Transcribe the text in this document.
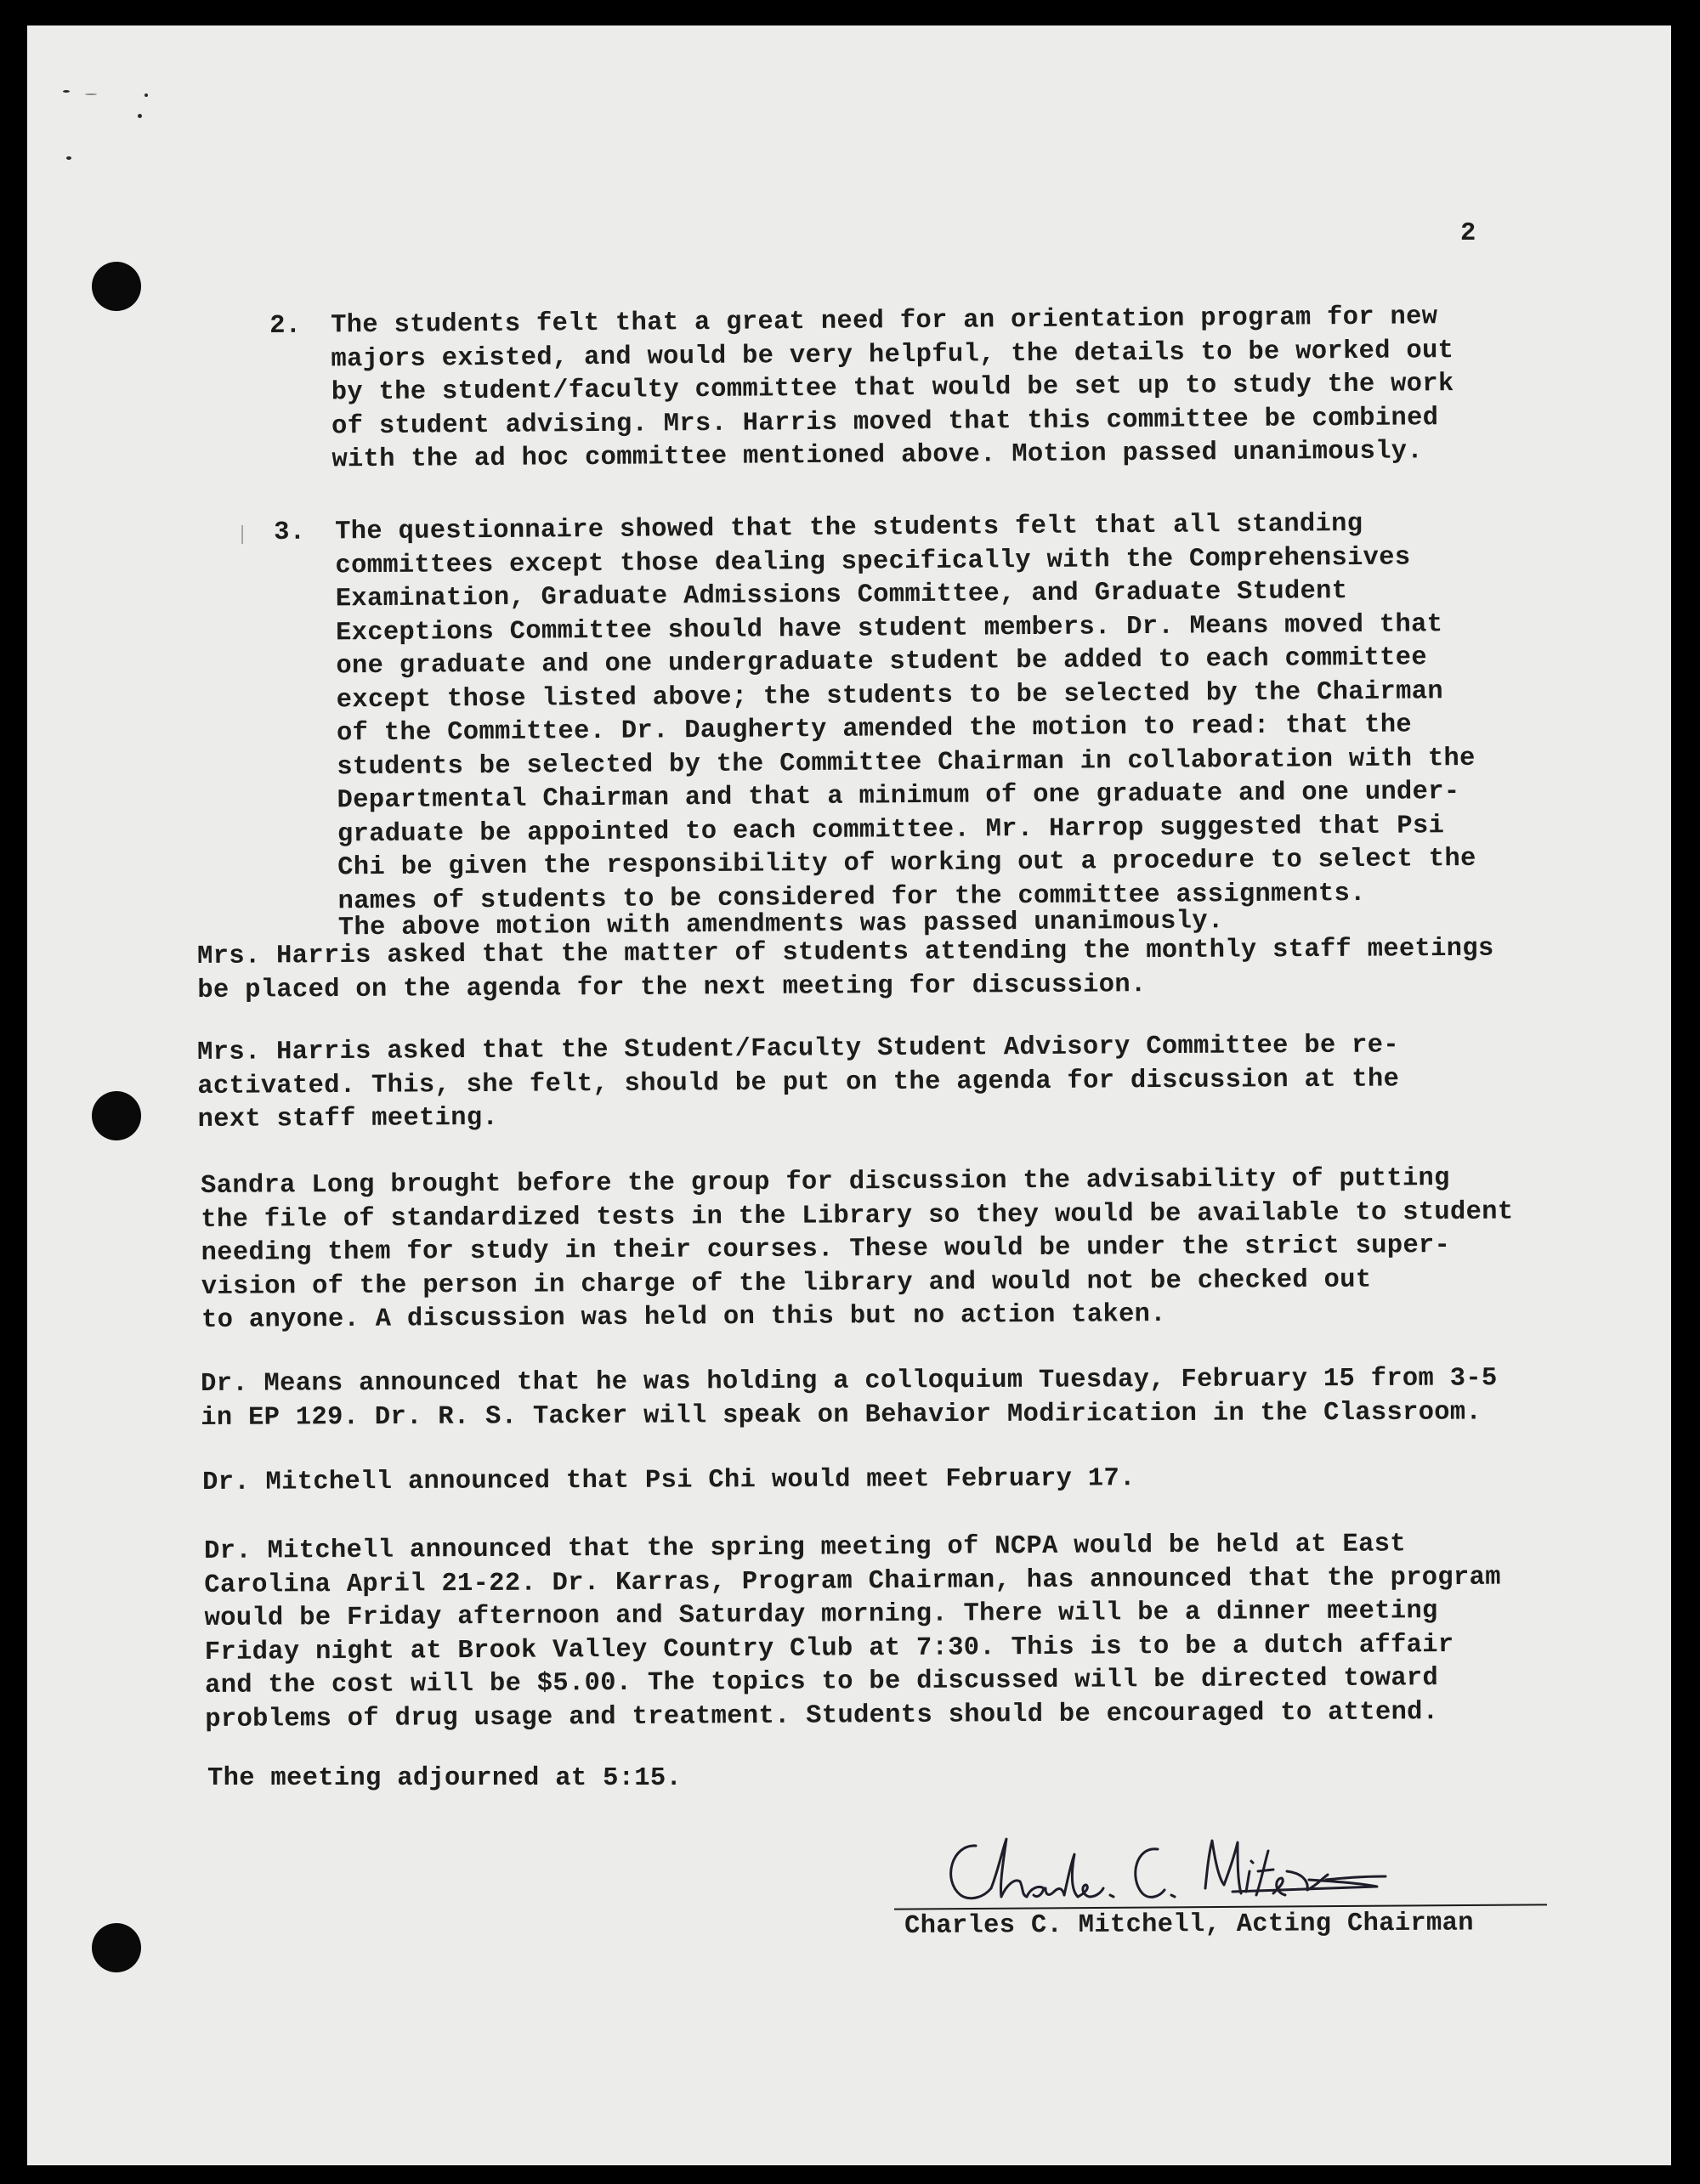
2
2. The students felt that a great need for an orientation program for new
majors existed, and would be very helpful, the details to be worked out
by the student/faculty committee that would be set up to study the work
of student advising. Mrs. Harris moved that this committee be combined
with the ad hoc committee mentioned above. Motion passed unanimously.
3. The questionnaire showed that the students felt that all standing
committees except those dealing specifically with the Comprehensives
Examination, Graduate Admissions Committee, and Graduate Student
Exceptions Committee should have student members. Dr. Means moved that
one graduate and one undergraduate student be added to each committee
except those listed above; the students to be selected by the Chairman
of the Committee. Dr. Daugherty amended the motion to read: that the
students be selected by the Committee Chairman in collaboration with the
Departmental Chairman and that a minimum of one graduate and one under-
graduate be appointed to each committee. Mr. Harrop suggested that Psi
Chi be given the responsibility of working out a procedure to select the
names of students to be considered for the committee assignments.
The above motion with amendments was passed unanimously.
Mrs. Harris asked that the matter of students attending the monthly staff meetings
be placed on the agenda for the next meeting for discussion.
Mrs. Harris asked that the Student/Faculty Student Advisory Committee be re-
activated. This, she felt, should be put on the agenda for discussion at the
next staff meeting.
Sandra Long brought before the group for discussion the advisability of putting
the file of standardized tests in the Library so they would be available to student
needing them for study in their courses. These would be under the strict super-
vision of the person in charge of the library and would not be checked out
to anyone. A discussion was held on this but no action taken.
Dr. Means announced that he was holding a colloquium Tuesday, February 15 from 3-5
in EP 129. Dr. R. S. Tacker will speak on Behavior Modirication in the Classroom.
Dr. Mitchell announced that Psi Chi would meet February 17.
Dr. Mitchell announced that the spring meeting of NCPA would be held at East
Carolina April 21-22. Dr. Karras, Program Chairman, has announced that the program
would be Friday afternoon and Saturday morning. There will be a dinner meeting
Friday night at Brook Valley Country Club at 7:30. This is to be a dutch affair
and the cost will be $5.00. The topics to be discussed will be directed toward
problems of drug usage and treatment. Students should be encouraged to attend.
The meeting adjourned at 5:15.
Charles C. Mitchell, Acting Chairman
